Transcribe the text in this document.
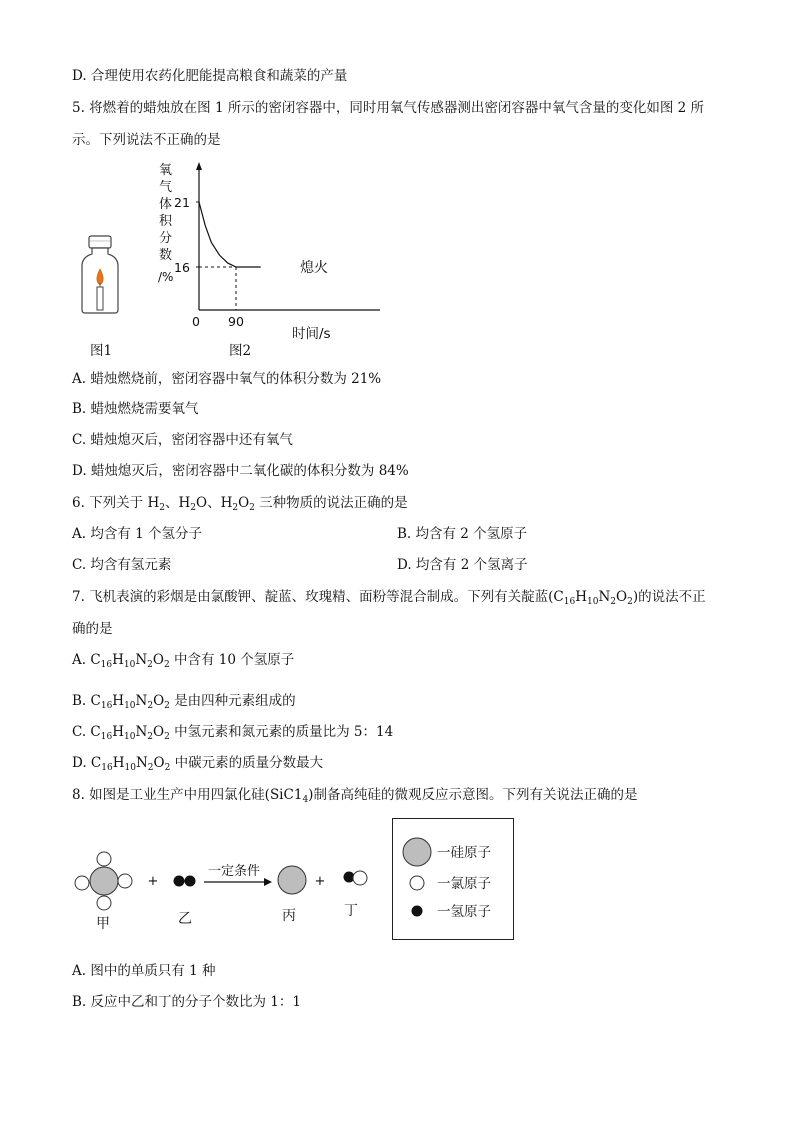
D. 合理使用农药化肥能提高粮食和蔬菜的产量
5. 将燃着的蜡烛放在图 1 所示的密闭容器中，同时用氧气传感器测出密闭容器中氧气含量的变化如图 2 所
示。下列说法不正确的是
图1
氧
气
体
积
分
数
/%
21
16	熄火
0 90
时间/s
图2
A. 蜡烛燃烧前，密闭容器中氧气的体积分数为 21%
B. 蜡烛燃烧需要氧气
C. 蜡烛熄灭后，密闭容器中还有氧气
D. 蜡烛熄灭后，密闭容器中二氧化碳的体积分数为 84%
6. 下列关于 $H_2$、$H_2O$、$H_2O_2$ 三种物质的说法正确的是
A. 均含有 1 个氢分子	B. 均含有 2 个氢原子
C. 均含有氢元素	D. 均含有 2 个氢离子
7. 飞机表演的彩烟是由氯酸钾、靛蓝、玫瑰精、面粉等混合制成。下列有关靛蓝$(C_{16}H_{10}N_2O_2)$的说法不正
确的是
A. $C_{16}H_{10}N_2O_2$ 中含有 10 个氢原子
B. $C_{16}H_{10}N_2O_2$ 是由四种元素组成的
C. $C_{16}H_{10}N_2O_2$ 中氢元素和氮元素的质量比为 5：14
D. $C_{16}H_{10}N_2O_2$ 中碳元素的质量分数最大
8. 如图是工业生产中用四氯化硅$(SiC1_4)$制备高纯硅的微观反应示意图。下列有关说法正确的是
甲
+
乙
一定条件
丙
+
丁
一硅原子
一氯原子
一氢原子
A. 图中的单质只有 1 种
B. 反应中乙和丁的分子个数比为 1：1
